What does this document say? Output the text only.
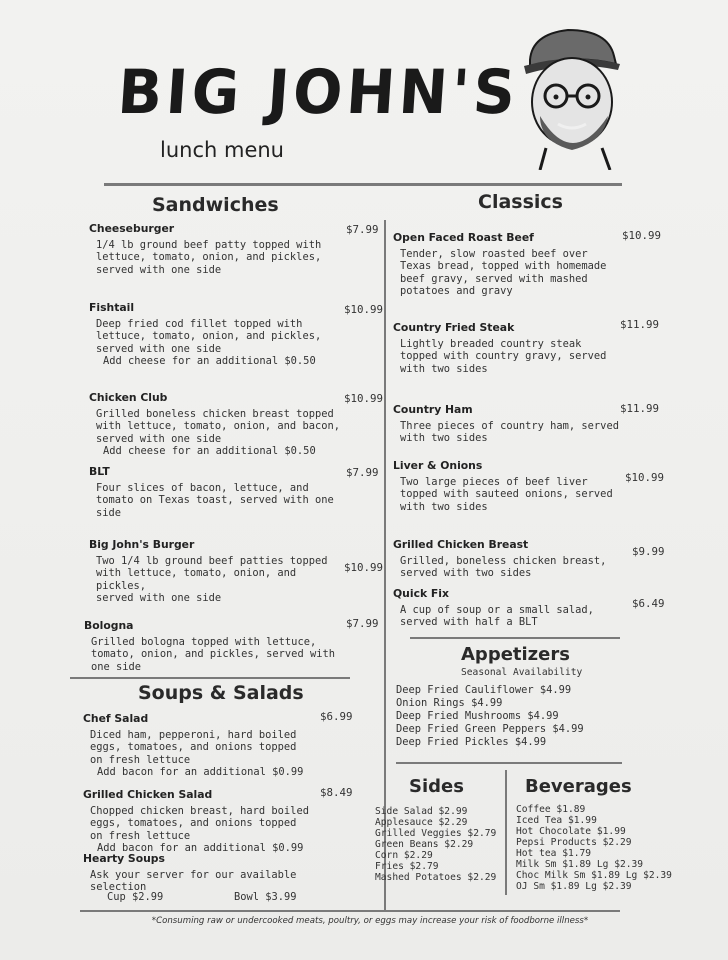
BIG JOHN'S
lunch menu
Sandwiches	Classics
Cheeseburger
1/4 lb ground beef patty topped with
lettuce, tomato, onion, and pickles,
served with one side
$7.99
Fishtail
Deep fried cod fillet topped with
lettuce, tomato, onion, and pickles,
served with one side
Add cheese for an additional $0.50
$10.99
Chicken Club
Grilled boneless chicken breast topped
with lettuce, tomato, onion, and bacon,
served with one side
Add cheese for an additional $0.50
$10.99
BLT
Four slices of bacon, lettuce, and
tomato on Texas toast, served with one
side
$7.99
Big John's Burger
Two 1/4 lb ground beef patties topped
with lettuce, tomato, onion, and pickles,
served with one side
$10.99
Bologna
Grilled bologna topped with lettuce,
tomato, onion, and pickles, served with
one side
$7.99
Soups & Salads
Chef Salad
Diced ham, pepperoni, hard boiled
eggs, tomatoes, and onions topped
on fresh lettuce
Add bacon for an additional $0.99
$6.99
Grilled Chicken Salad
Chopped chicken breast, hard boiled
eggs, tomatoes, and onions topped
on fresh lettuce
Add bacon for an additional $0.99
$8.49
Hearty Soups
Ask your server for our available
selection
Cup $2.99	Bowl $3.99
Open Faced Roast Beef
Tender, slow roasted beef over
Texas bread, topped with homemade
beef gravy, served with mashed
potatoes and gravy
$10.99
Country Fried Steak
Lightly breaded country steak
topped with country gravy, served
with two sides
$11.99
Country Ham
Three pieces of country ham, served
with two sides
$11.99
Liver & Onions
Two large pieces of beef liver
topped with sauteed onions, served
with two sides
$10.99
Grilled Chicken Breast
Grilled, boneless chicken breast,
served with two sides
$9.99
Quick Fix
A cup of soup or a small salad,
served with half a BLT
$6.49
Appetizers
Seasonal Availability
Deep Fried Cauliflower $4.99
Onion Rings $4.99
Deep Fried Mushrooms $4.99
Deep Fried Green Peppers $4.99
Deep Fried Pickles $4.99
Sides
Side Salad $2.99
Applesauce $2.29
Grilled Veggies $2.79
Green Beans $2.29
Corn $2.29
Fries $2.79
Mashed Potatoes $2.29
Beverages
Coffee $1.89
Iced Tea $1.99
Hot Chocolate $1.99
Pepsi Products $2.29
Hot tea $1.79
Milk Sm $1.89 Lg $2.39
Choc Milk Sm $1.89 Lg $2.39
OJ Sm $1.89 Lg $2.39
*Consuming raw or undercooked meats, poultry, or eggs may increase your risk of foodborne illness*
